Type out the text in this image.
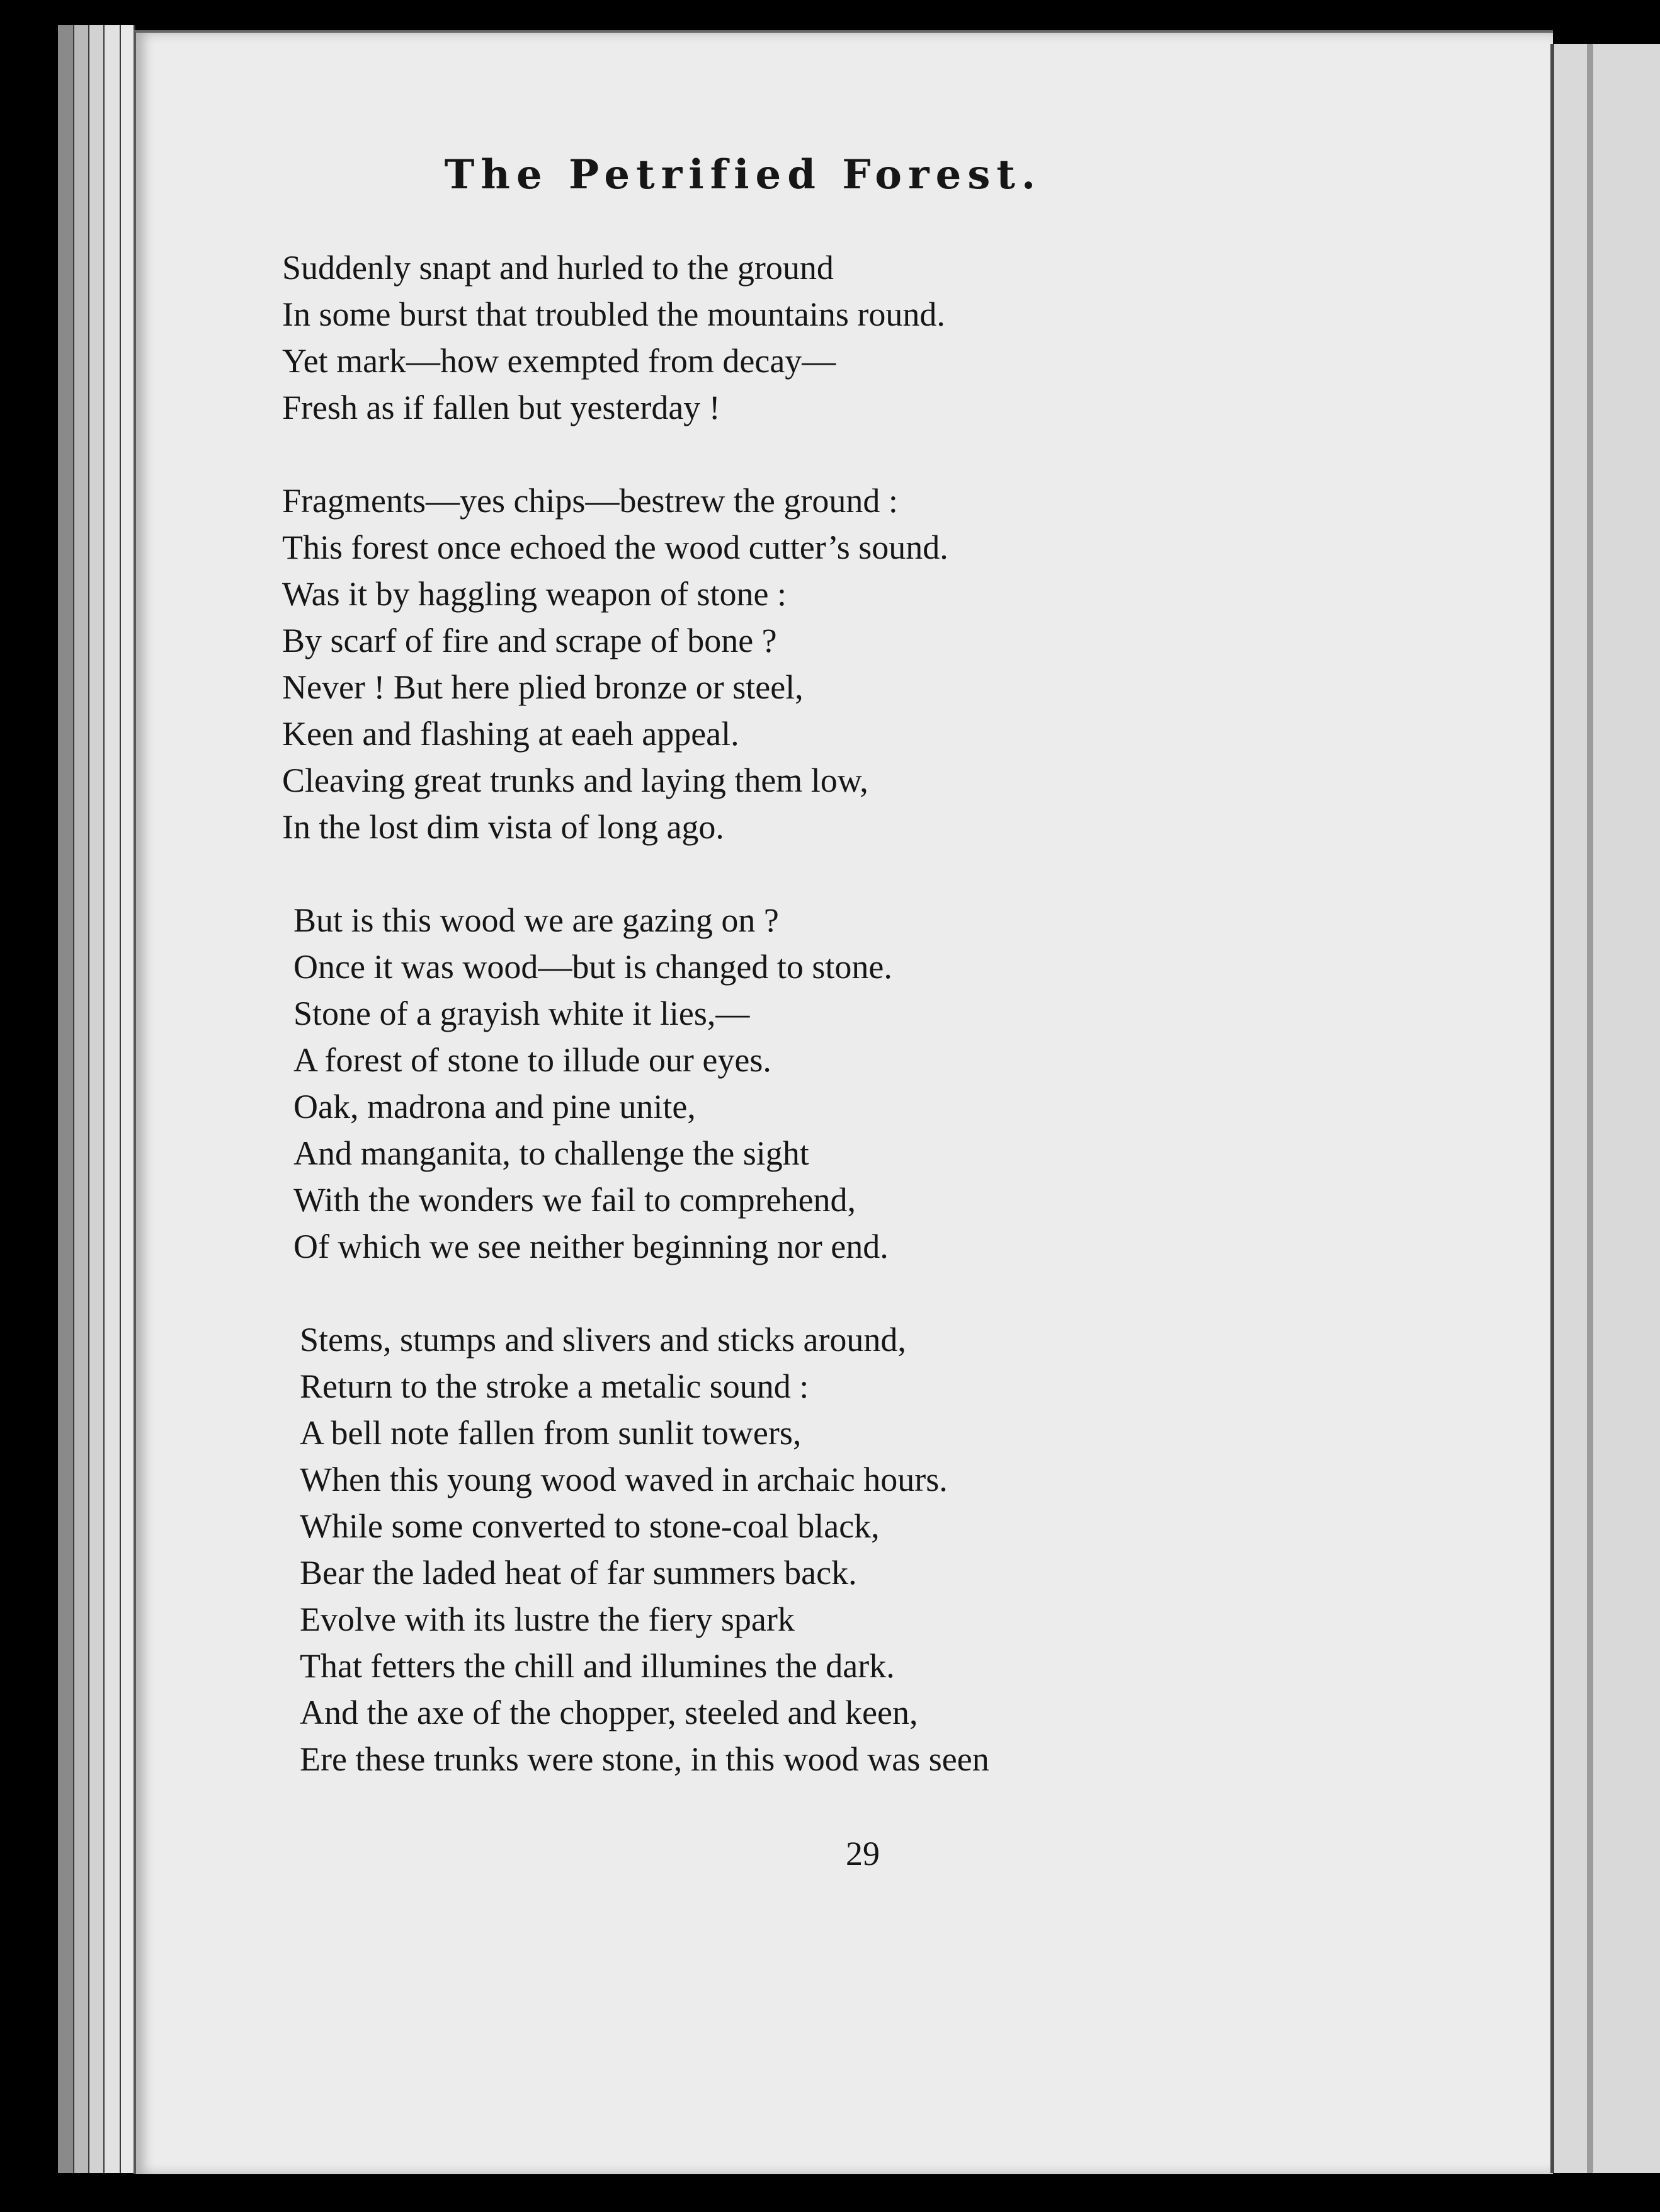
The Petrified Forest.
Suddenly snapt and hurled to the ground
In some burst that troubled the mountains round.
Yet mark—how exempted from decay—
Fresh as if fallen but yesterday !
Fragments—yes chips—bestrew the ground :
This forest once echoed the wood cutter’s sound.
Was it by haggling weapon of stone :
By scarf of fire and scrape of bone ?
Never ! But here plied bronze or steel,
Keen and flashing at eaeh appeal.
Cleaving great trunks and laying them low,
In the lost dim vista of long ago.
But is this wood we are gazing on ?
Once it was wood—but is changed to stone.
Stone of a grayish white it lies,—
A forest of stone to illude our eyes.
Oak, madrona and pine unite,
And manganita, to challenge the sight
With the wonders we fail to comprehend,
Of which we see neither beginning nor end.
Stems, stumps and slivers and sticks around,
Return to the stroke a metalic sound :
A bell note fallen from sunlit towers,
When this young wood waved in archaic hours.
While some converted to stone-coal black,
Bear the laded heat of far summers back.
Evolve with its lustre the fiery spark
That fetters the chill and illumines the dark.
And the axe of the chopper, steeled and keen,
Ere these trunks were stone, in this wood was seen
29
